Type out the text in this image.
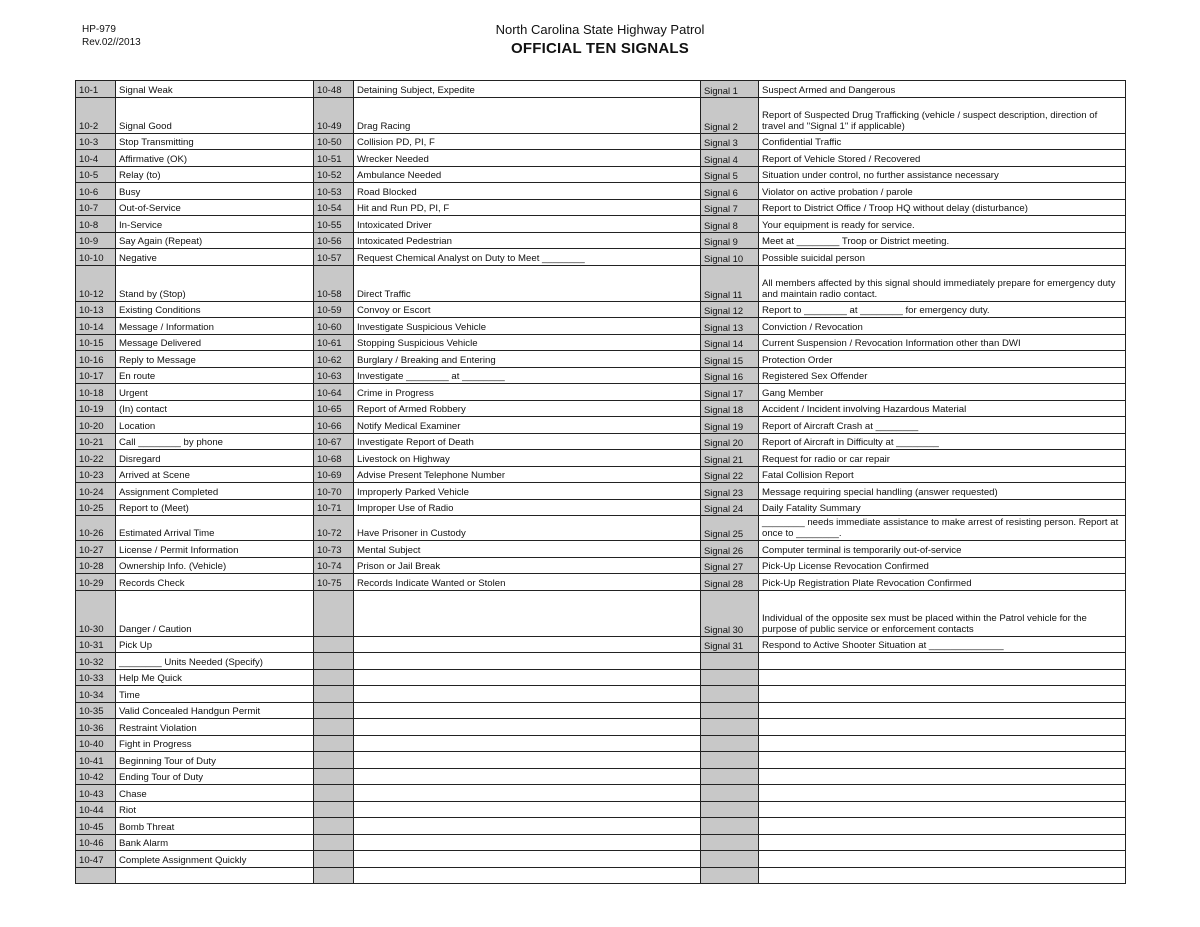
HP-979
Rev.02//2013
North Carolina State Highway Patrol
OFFICIAL TEN SIGNALS
10-1	Signal Weak	10-48	Detaining Subject, Expedite	Signal 1	Suspect Armed and Dangerous
10-2	Signal Good	10-49	Drag Racing	Signal 2	Report of Suspected Drug Trafficking (vehicle / suspect description, direction of travel and "Signal 1" if applicable)
10-3	Stop Transmitting	10-50	Collision PD, PI, F	Signal 3	Confidential Traffic
10-4	Affirmative (OK)	10-51	Wrecker Needed	Signal 4	Report of Vehicle Stored / Recovered
10-5	Relay (to)	10-52	Ambulance Needed	Signal 5	Situation under control, no further assistance necessary
10-6	Busy	10-53	Road Blocked	Signal 6	Violator on active probation / parole
10-7	Out-of-Service	10-54	Hit and Run PD, PI, F	Signal 7	Report to District Office / Troop HQ without delay (disturbance)
10-8	In-Service	10-55	Intoxicated Driver	Signal 8	Your equipment is ready for service.
10-9	Say Again (Repeat)	10-56	Intoxicated Pedestrian	Signal 9	Meet at ________ Troop or District meeting.
10-10	Negative	10-57	Request Chemical Analyst on Duty to Meet ________	Signal 10	Possible suicidal person
10-12	Stand by (Stop)	10-58	Direct Traffic	Signal 11	All members affected by this signal should immediately prepare for emergency duty and maintain radio contact.
10-13	Existing Conditions	10-59	Convoy or Escort	Signal 12	Report to ________ at ________ for emergency duty.
10-14	Message / Information	10-60	Investigate Suspicious Vehicle	Signal 13	Conviction / Revocation
10-15	Message Delivered	10-61	Stopping Suspicious Vehicle	Signal 14	Current Suspension / Revocation Information other than DWI
10-16	Reply to Message	10-62	Burglary / Breaking and Entering	Signal 15	Protection Order
10-17	En route	10-63	Investigate ________ at ________	Signal 16	Registered Sex Offender
10-18	Urgent	10-64	Crime in Progress	Signal 17	Gang Member
10-19	(In) contact	10-65	Report of Armed Robbery	Signal 18	Accident / Incident involving Hazardous Material
10-20	Location	10-66	Notify Medical Examiner	Signal 19	Report of Aircraft Crash at ________
10-21	Call ________ by phone	10-67	Investigate Report of Death	Signal 20	Report of Aircraft in Difficulty at ________
10-22	Disregard	10-68	Livestock on Highway	Signal 21	Request for radio or car repair
10-23	Arrived at Scene	10-69	Advise Present Telephone Number	Signal 22	Fatal Collision Report
10-24	Assignment Completed	10-70	Improperly Parked Vehicle	Signal 23	Message requiring special handling (answer requested)
10-25	Report to (Meet)	10-71	Improper Use of Radio	Signal 24	Daily Fatality Summary
10-26	Estimated Arrival Time	10-72	Have Prisoner in Custody	Signal 25	________ needs immediate assistance to make arrest of resisting person. Report at once to ________.
10-27	License / Permit Information	10-73	Mental Subject	Signal 26	Computer terminal is temporarily out-of-service
10-28	Ownership Info. (Vehicle)	10-74	Prison or Jail Break	Signal 27	Pick-Up License Revocation Confirmed
10-29	Records Check	10-75	Records Indicate Wanted or Stolen	Signal 28	Pick-Up Registration Plate Revocation Confirmed
10-30	Danger / Caution			Signal 30	Individual of the opposite sex must be placed within the Patrol vehicle for the purpose of public service or enforcement contacts
10-31	Pick Up			Signal 31	Respond to Active Shooter Situation at ______________
10-32	________ Units Needed (Specify)				
10-33	Help Me Quick				
10-34	Time				
10-35	Valid Concealed Handgun Permit				
10-36	Restraint Violation				
10-40	Fight in Progress				
10-41	Beginning Tour of Duty				
10-42	Ending Tour of Duty				
10-43	Chase				
10-44	Riot				
10-45	Bomb Threat				
10-46	Bank Alarm				
10-47	Complete Assignment Quickly				
